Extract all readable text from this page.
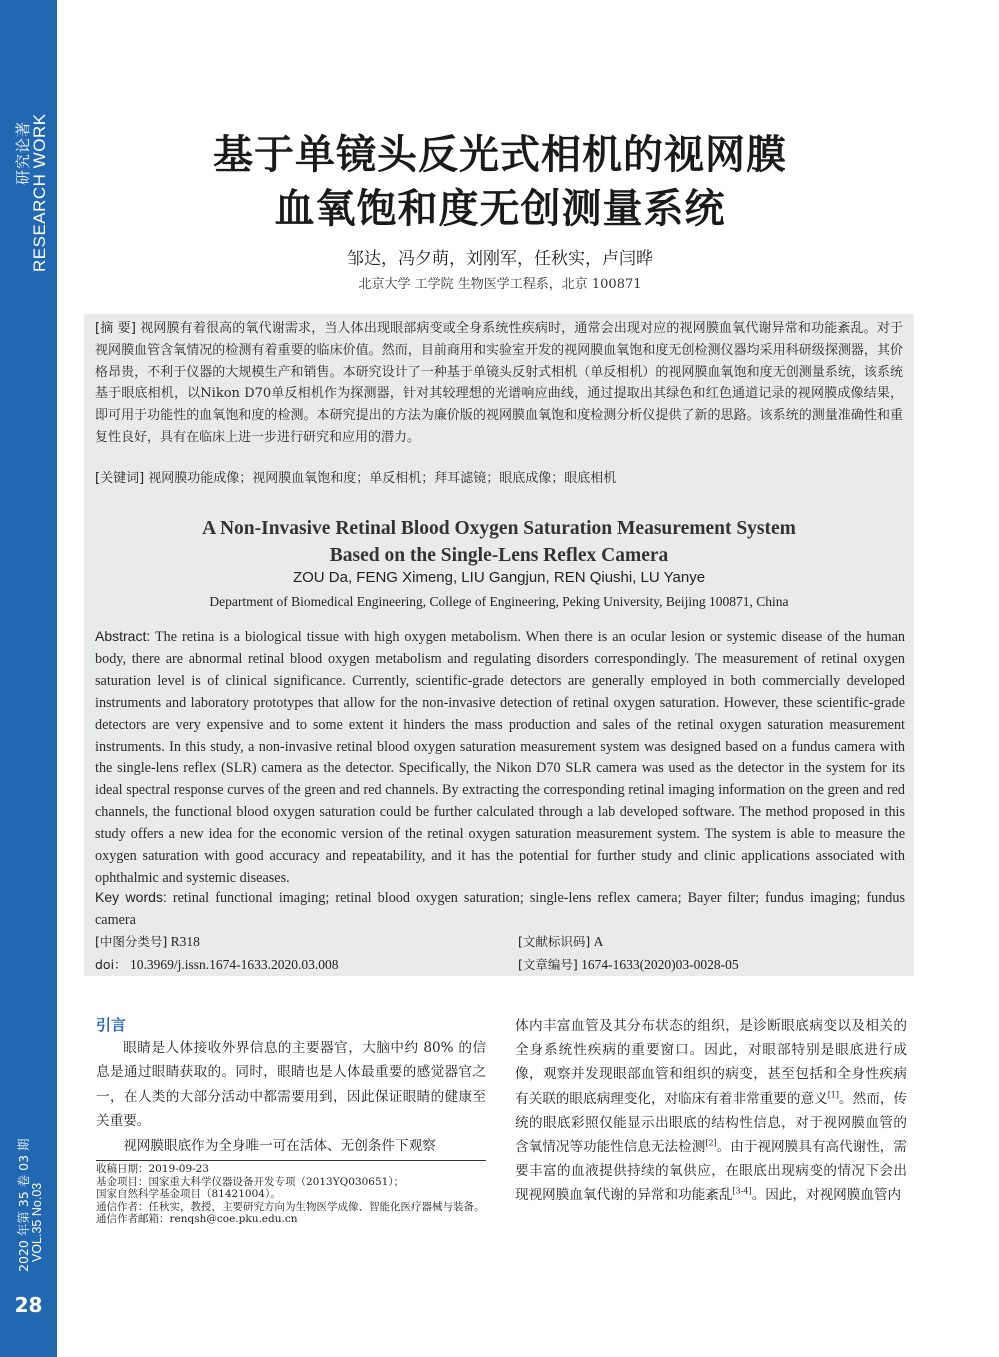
研究论著
RESEARCH WORK
2020 年第 35 卷 03 期 VOL.35 No.03
28
基于单镜头反光式相机的视网膜
血氧饱和度无创测量系统
邹达，冯夕萌，刘刚军，任秋实，卢闫晔
北京大学 工学院 生物医学工程系，北京 100871
[摘 要] 视网膜有着很高的氧代谢需求，当人体出现眼部病变或全身系统性疾病时，通常会出现对应的视网膜血氧代谢异常和功能紊乱。对于视网膜血管含氧情况的检测有着重要的临床价值。然而，目前商用和实验室开发的视网膜血氧饱和度无创检测仪器均采用科研级探测器，其价格昂贵，不利于仪器的大规模生产和销售。本研究设计了一种基于单镜头反射式相机（单反相机）的视网膜血氧饱和度无创测量系统，该系统基于眼底相机，以Nikon D70单反相机作为探测器，针对其较理想的光谱响应曲线，通过提取出其绿色和红色通道记录的视网膜成像结果，即可用于功能性的血氧饱和度的检测。本研究提出的方法为廉价版的视网膜血氧饱和度检测分析仪提供了新的思路。该系统的测量准确性和重复性良好，具有在临床上进一步进行研究和应用的潜力。
[关键词] 视网膜功能成像；视网膜血氧饱和度；单反相机；拜耳滤镜；眼底成像；眼底相机
A Non-Invasive Retinal Blood Oxygen Saturation Measurement System
Based on the Single-Lens Reflex Camera
ZOU Da, FENG Ximeng, LIU Gangjun, REN Qiushi, LU Yanye
Department of Biomedical Engineering, College of Engineering, Peking University, Beijing 100871, China
Abstract: The retina is a biological tissue with high oxygen metabolism. When there is an ocular lesion or systemic disease of the human body, there are abnormal retinal blood oxygen metabolism and regulating disorders correspondingly. The measurement of retinal oxygen saturation level is of clinical significance. Currently, scientific-grade detectors are generally employed in both commercially developed instruments and laboratory prototypes that allow for the non-invasive detection of retinal oxygen saturation. However, these scientific-grade detectors are very expensive and to some extent it hinders the mass production and sales of the retinal oxygen saturation measurement instruments. In this study, a non-invasive retinal blood oxygen saturation measurement system was designed based on a fundus camera with the single-lens reflex (SLR) camera as the detector. Specifically, the Nikon D70 SLR camera was used as the detector in the system for its ideal spectral response curves of the green and red channels. By extracting the corresponding retinal imaging information on the green and red channels, the functional blood oxygen saturation could be further calculated through a lab developed software. The method proposed in this study offers a new idea for the economic version of the retinal oxygen saturation measurement system. The system is able to measure the oxygen saturation with good accuracy and repeatability, and it has the potential for further study and clinic applications associated with ophthalmic and systemic diseases.
Key words: retinal functional imaging; retinal blood oxygen saturation; single-lens reflex camera; Bayer filter; fundus imaging; fundus camera
[中图分类号] R318
doi： 10.3969/j.issn.1674-1633.2020.03.008
[文献标识码] A
[文章编号] 1674-1633(2020)03-0028-05
引言

眼睛是人体接收外界信息的主要器官，大脑中约 80% 的信息是通过眼睛获取的。同时，眼睛也是人体最重要的感觉器官之一，在人类的大部分活动中都需要用到，因此保证眼睛的健康至关重要。

视网膜眼底作为全身唯一可在活体、无创条件下观察

收稿日期：2019-09-23
基金项目：国家重大科学仪器设备开发专项（2013YQ030651）；
国家自然科学基金项目（81421004）。
通信作者：任秋实，教授，主要研究方向为生物医学成像、智能化医疗器械与装备。
通信作者邮箱：renqsh@coe.pku.edu.cn

体内丰富血管及其分布状态的组织，是诊断眼底病变以及相关的全身系统性疾病的重要窗口。因此，对眼部特别是眼底进行成像，观察并发现眼部血管和组织的病变，甚至包括和全身性疾病有关联的眼底病理变化，对临床有着非常重要的意义[1]。然而，传统的眼底彩照仅能显示出眼底的结构性信息，对于视网膜血管的含氧情况等功能性信息无法检测[2]。由于视网膜具有高代谢性，需要丰富的血液提供持续的氧供应，在眼底出现病变的情况下会出现视网膜血氧代谢的异常和功能紊乱[3-4]。因此，对视网膜血管内
